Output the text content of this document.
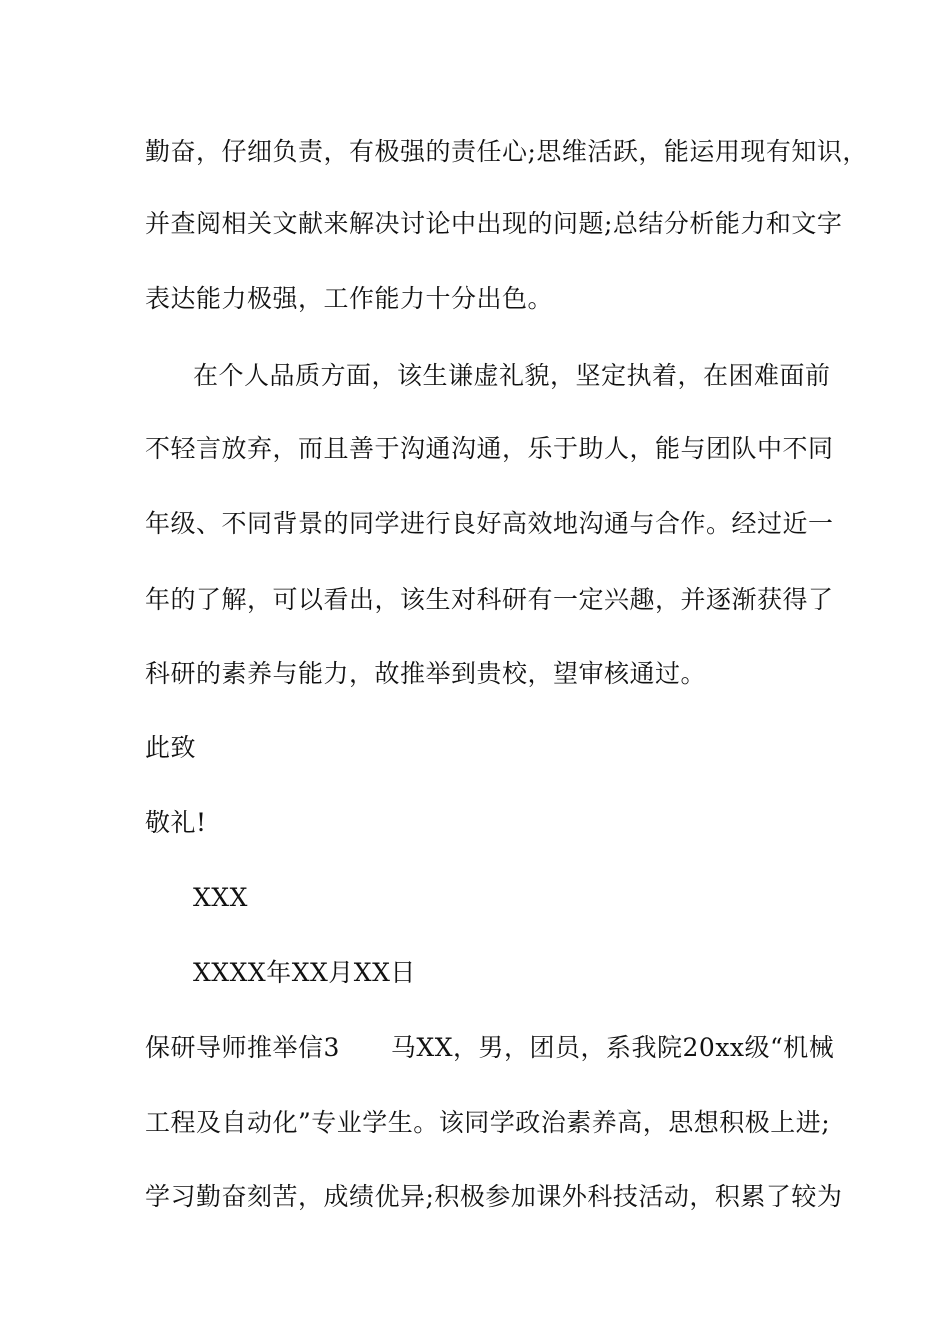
勤奋，仔细负责，有极强的责任心;思维活跃，能运用现有知识，
并查阅相关文献来解决讨论中出现的问题;总结分析能力和文字
表达能力极强，工作能力十分出色。
在个人品质方面，该生谦虚礼貌，坚定执着，在困难面前
不轻言放弃，而且善于沟通沟通，乐于助人，能与团队中不同
年级、不同背景的同学进行良好高效地沟通与合作。经过近一
年的了解，可以看出，该生对科研有一定兴趣，并逐渐获得了
科研的素养与能力，故推举到贵校，望审核通过。
此致
敬礼!
XXX
XXXX年XX月XX日
保研导师推举信3　　马XX，男，团员，系我院20xx级“机械
工程及自动化”专业学生。该同学政治素养高，思想积极上进;
学习勤奋刻苦，成绩优异;积极参加课外科技活动，积累了较为
